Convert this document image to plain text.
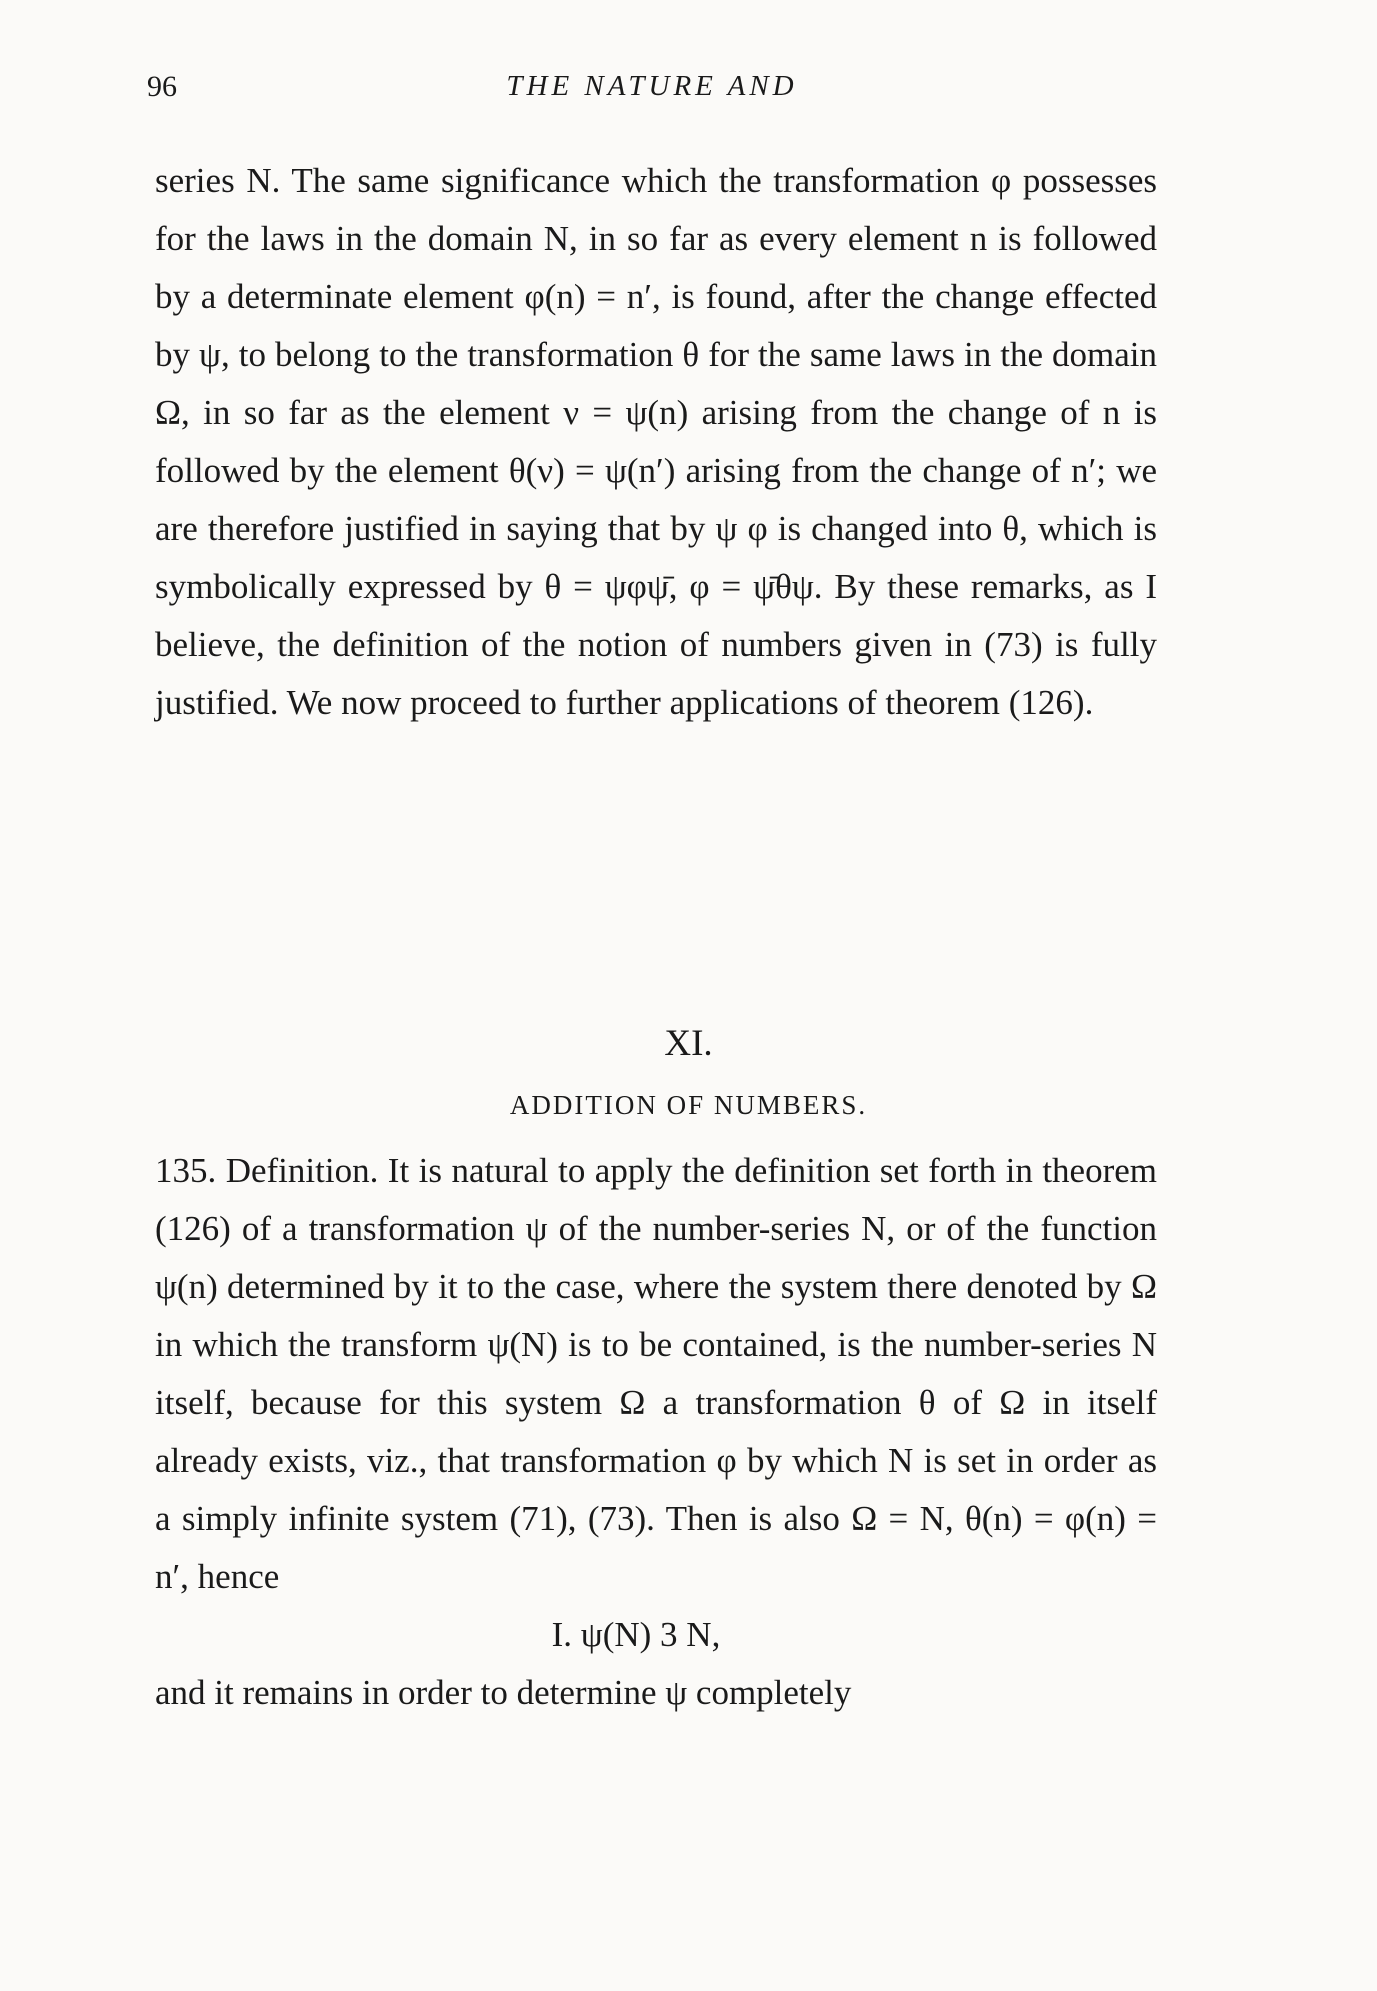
96	THE NATURE AND

series N. The same significance which the transformation φ possesses for the laws in the domain N, in so far as every element n is followed by a determinate element φ(n) = n′, is found, after the change effected by ψ, to belong to the transformation θ for the same laws in the domain Ω, in so far as the element ν = ψ(n) arising from the change of n is followed by the element θ(ν) = ψ(n′) arising from the change of n′; we are therefore justified in saying that by ψ φ is changed into θ, which is symbolically expressed by θ = ψφψ̄, φ = ψ̄θψ. By these remarks, as I believe, the definition of the notion of numbers given in (73) is fully justified. We now proceed to further applications of theorem (126).

XI.
ADDITION OF NUMBERS.

135. Definition. It is natural to apply the definition set forth in theorem (126) of a transformation ψ of the number-series N, or of the function ψ(n) determined by it to the case, where the system there denoted by Ω in which the transform ψ(N) is to be contained, is the number-series N itself, because for this system Ω a transformation θ of Ω in itself already exists, viz., that transformation φ by which N is set in order as a simply infinite system (71), (73). Then is also Ω = N, θ(n) = φ(n) = n′, hence

I. ψ(N) 3 N,

and it remains in order to determine ψ completely
